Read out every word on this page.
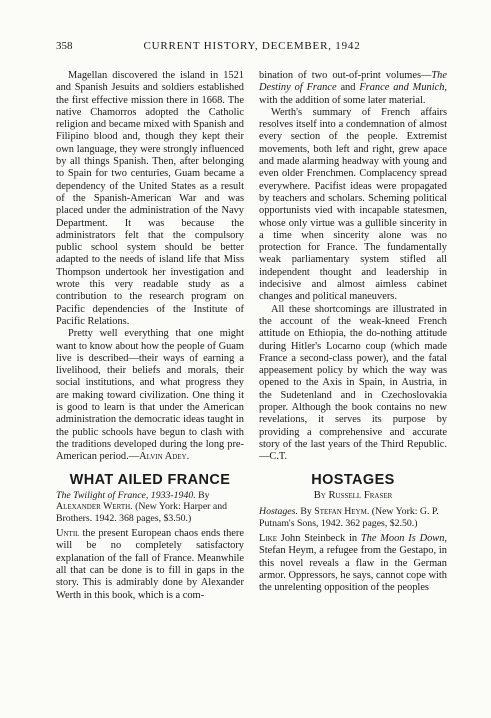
358	CURRENT HISTORY, DECEMBER, 1942

Magellan discovered the island in 1521 and Spanish Jesuits and soldiers established the first effective mission there in 1668. The native Chamorros adopted the Catholic religion and became mixed with Spanish and Filipino blood and, though they kept their own language, they were strongly influenced by all things Spanish. Then, after belonging to Spain for two centuries, Guam became a dependency of the United States as a result of the Spanish-American War and was placed under the administration of the Navy Department. It was because the administrators felt that the compulsory public school system should be better adapted to the needs of island life that Miss Thompson undertook her investigation and wrote this very readable study as a contribution to the research program on Pacific dependencies of the Institute of Pacific Relations.

Pretty well everything that one might want to know about how the people of Guam live is described—their ways of earning a livelihood, their beliefs and morals, their social institutions, and what progress they are making toward civilization. One thing it is good to learn is that under the American administration the democratic ideas taught in the public schools have begun to clash with the traditions developed during the long pre-American period.—Alvin Adey.

WHAT AILED FRANCE

The Twilight of France, 1933-1940. By Alexander Werth. (New York: Harper and Brothers. 1942. 368 pages, $3.50.)

Until the present European chaos ends there will be no completely satisfactory explanation of the fall of France. Meanwhile all that can be done is to fill in gaps in the story. This is admirably done by Alexander Werth in this book, which is a com-

bination of two out-of-print volumes—The Destiny of France and France and Munich, with the addition of some later material.

Werth's summary of French affairs resolves itself into a condemnation of almost every section of the people. Extremist movements, both left and right, grew apace and made alarming headway with young and even older Frenchmen. Complacency spread everywhere. Pacifist ideas were propagated by teachers and scholars. Scheming political opportunists vied with incapable statesmen, whose only virtue was a gullible sincerity in a time when sincerity alone was no protection for France. The fundamentally weak parliamentary system stifled all independent thought and leadership in indecisive and almost aimless cabinet changes and political maneuvers.

All these shortcomings are illustrated in the account of the weak-kneed French attitude on Ethiopia, the do-nothing attitude during Hitler's Locarno coup (which made France a second-class power), and the fatal appeasement policy by which the way was opened to the Axis in Spain, in Austria, in the Sudetenland and in Czechoslovakia proper. Although the book contains no new revelations, it serves its purpose by providing a comprehensive and accurate story of the last years of the Third Republic.—C.T.

HOSTAGES
By Russell Fraser

Hostages. By Stefan Heym. (New York: G. P. Putnam's Sons, 1942. 362 pages, $2.50.)

Like John Steinbeck in The Moon Is Down, Stefan Heym, a refugee from the Gestapo, in this novel reveals a flaw in the German armor. Oppressors, he says, cannot cope with the unrelenting opposition of the peoples
